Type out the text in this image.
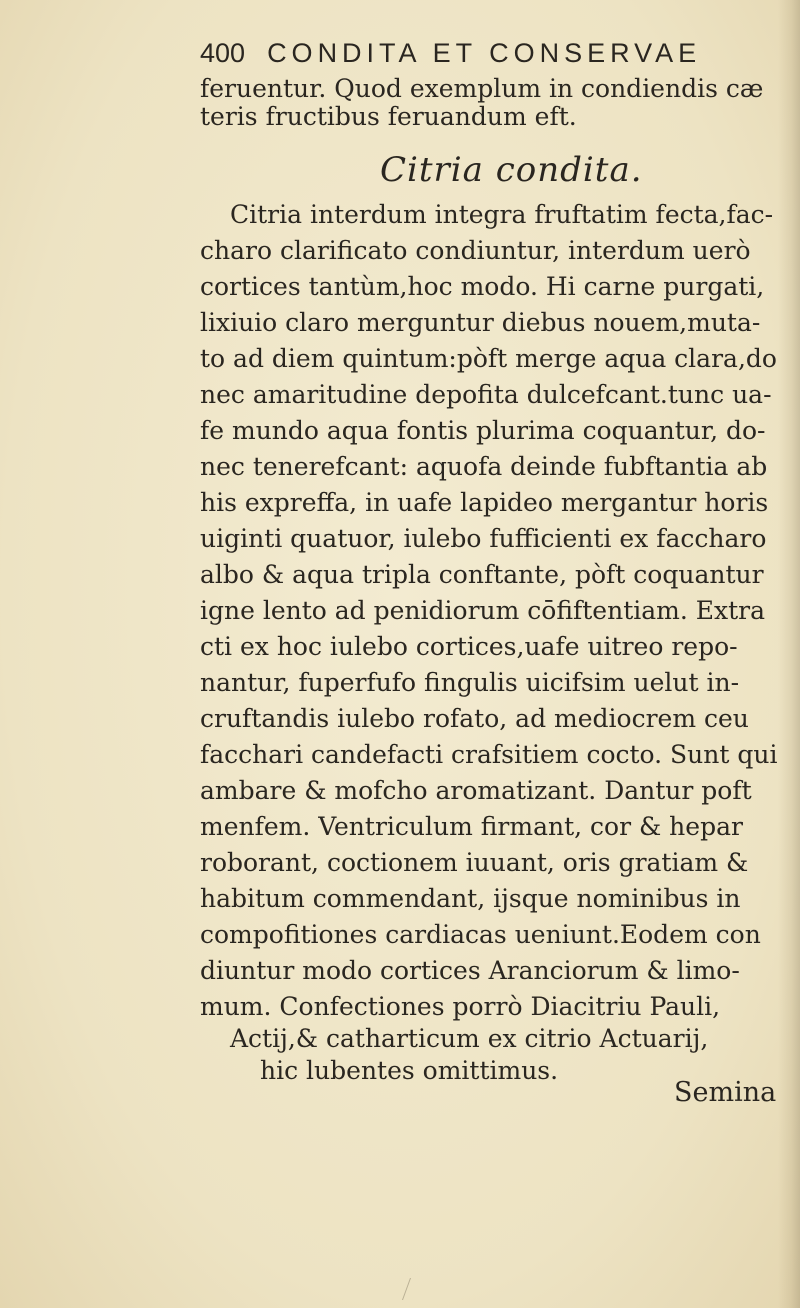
400 CONDITA ET CONSERVAE
feruentur. Quod exemplum in condiendis cæ
teris fructibus feruandum eft.
Citria condita.
Citria interdum integra fruftatim fecta,fac-
charo clarificato condiuntur, interdum uerò
cortices tantùm,hoc modo. Hi carne purgati,
lixiuio claro merguntur diebus nouem,muta-
to ad diem quintum:pòft merge aqua clara,do
nec amaritudine depofita dulcefcant.tunc ua-
fe mundo aqua fontis plurima coquantur, do-
nec tenerefcant: aquofa deinde fubftantia ab
his expreffa, in uafe lapideo mergantur horis
uiginti quatuor, iulebo fufficienti ex faccharo
albo & aqua tripla conftante, pòft coquantur
igne lento ad penidiorum cōfiftentiam. Extra
cti ex hoc iulebo cortices,uafe uitreo repo-
nantur, fuperfufo fingulis uicifsim uelut in-
cruftandis iulebo rofato, ad mediocrem ceu
facchari candefacti crafsitiem cocto. Sunt qui
ambare & mofcho aromatizant. Dantur poft
menfem. Ventriculum firmant, cor & hepar
roborant, coctionem iuuant, oris gratiam &
habitum commendant, ijsque nominibus in
compofitiones cardiacas ueniunt.Eodem con
diuntur modo cortices Aranciorum & limo-
mum. Confectiones porrò Diacitriu Pauli,
Actij,& catharticum ex citrio Actuarij,
hic lubentes omittimus.
Semina
